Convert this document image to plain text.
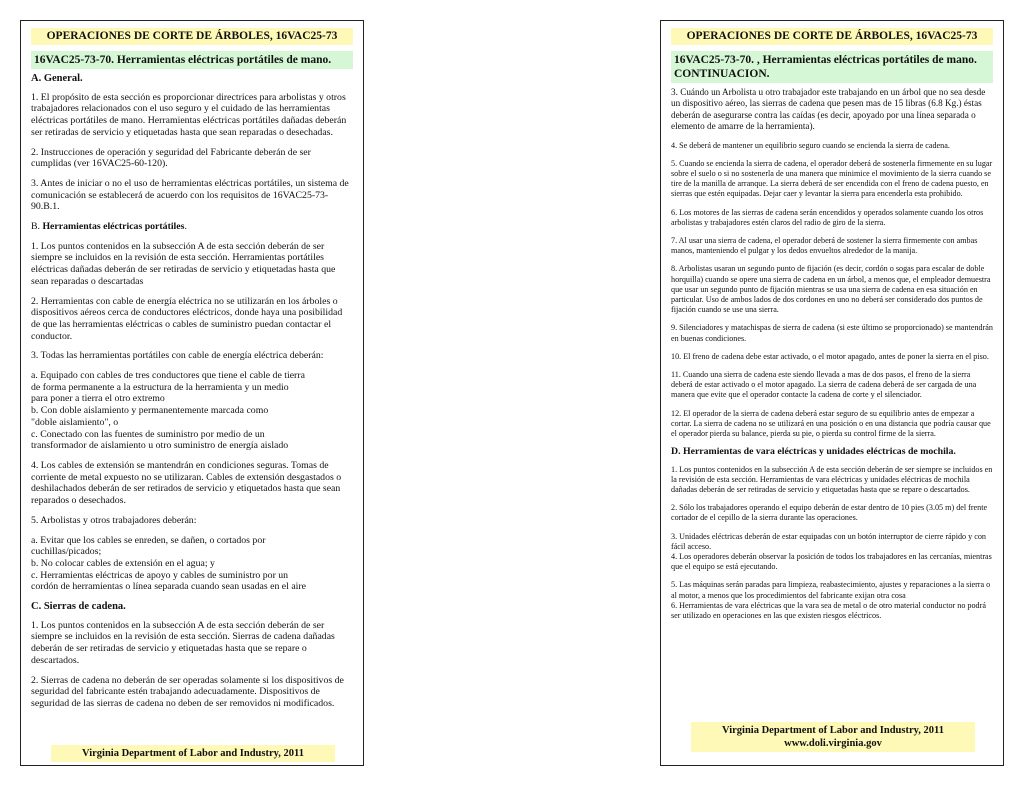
OPERACIONES DE CORTE DE ÁRBOLES, 16VAC25-73
16VAC25-73-70. Herramientas eléctricas portátiles de mano.

A. General.

1. El propósito de esta sección es proporcionar directrices para arbolistas y otros trabajadores relacionados con el uso seguro y el cuidado de las herramientas eléctricas portátiles de mano. Herramientas eléctricas portátiles dañadas deberán ser retiradas de servicio y etiquetadas hasta que sean reparadas o desechadas.

2. Instrucciones de operación y seguridad del Fabricante deberán de ser cumplidas (ver 16VAC25-60-120).

3. Antes de iniciar o no el uso de herramientas eléctricas portátiles, un sistema de comunicación se establecerá de acuerdo con los requisitos de 16VAC25-73-90.B.1.

B. Herramientas eléctricas portátiles.

1. Los puntos contenidos en la subsección A de esta sección deberán de ser siempre se incluidos en la revisión de esta sección. Herramientas portátiles eléctricas dañadas deberán de ser retiradas de servicio y etiquetadas hasta que sean reparadas o descartadas

2. Herramientas con cable de energía eléctrica no se utilizarán en los árboles o dispositivos aéreos cerca de conductores eléctricos, donde haya una posibilidad de que las herramientas eléctricas o cables de suministro puedan contactar el conductor.

3. Todas las herramientas portátiles con cable de energía eléctrica deberán:

a. Equipado con cables de tres conductores que tiene el cable de tierra
de forma permanente a la estructura de la herramienta y un medio
para poner a tierra el otro extremo
b. Con doble aislamiento y permanentemente marcada como
"doble aislamiento", o
c. Conectado con las fuentes de suministro por medio de un
transformador de aislamiento u otro suministro de energía aislado

4. Los cables de extensión se mantendrán en condiciones seguras. Tomas de corriente de metal expuesto no se utilizaran. Cables de extensión desgastados o deshilachados deberán de ser retirados de servicio y etiquetados hasta que sean reparados o desechados.

5. Arbolistas y otros trabajadores deberán:

a. Evitar que los cables se enreden, se dañen, o cortados por
cuchillas/picados;
b. No colocar cables de extensión en el agua; y
c. Herramientas eléctricas de apoyo y cables de suministro por un
cordón de herramientas o línea separada cuando sean usadas en el aire

C. Sierras de cadena.

1. Los puntos contenidos en la subsección A de esta sección deberán de ser siempre se incluidos en la revisión de esta sección. Sierras de cadena dañadas deberán de ser retiradas de servicio y etiquetadas hasta que se repare o descartados.

2. Sierras de cadena no deberán de ser operadas solamente si los dispositivos de seguridad del fabricante estén trabajando adecuadamente. Dispositivos de seguridad de las sierras de cadena no deben de ser removidos ni modificados.

Virginia Department of Labor and Industry, 2011
OPERACIONES DE CORTE DE ÁRBOLES, 16VAC25-73
16VAC25-73-70. , Herramientas eléctricas portátiles de mano.
CONTINUACION.

3. Cuándo un Arbolista u otro trabajador este trabajando en un árbol que no sea desde un dispositivo aéreo, las sierras de cadena que pesen mas de 15 libras (6.8 Kg.) éstas deberán de asegurarse contra las caídas (es decir, apoyado por una línea separada o elemento de amarre de la herramienta).

4. Se deberá de mantener un equilibrio seguro cuando se encienda la sierra de cadena.

5. Cuando se encienda la sierra de cadena, el operador deberá de sostenerla firmemente en su lugar sobre el suelo o si no sostenerla de una manera que minimice el movimiento de la sierra cuando se tire de la manilla de arranque. La sierra deberá de ser encendida con el freno de cadena puesto, en sierras que estén equipadas. Dejar caer y levantar la sierra para encenderla esta prohibido.

6. Los motores de las sierras de cadena serán encendidos y operados solamente cuando los otros arbolistas y trabajadores estén claros del radio de giro de la sierra.

7. Al usar una sierra de cadena, el operador deberá de sostener la sierra firmemente con ambas manos, manteniendo el pulgar y los dedos envueltos alrededor de la manija.

8. Arbolistas usaran un segundo punto de fijación (es decir, cordón o sogas para escalar de doble horquilla) cuando se opere una sierra de cadena en un árbol, a menos que, el empleador demuestra que usar un segundo punto de fijación mientras se usa una sierra de cadena en esa situación en particular. Uso de ambos lados de dos cordones en uno no deberá ser considerado dos puntos de fijación cuando se use una sierra.

9. Silenciadores y matachispas de sierra de cadena (si este último se proporcionado) se mantendrán en buenas condiciones.

10. El freno de cadena debe estar activado, o el motor apagado, antes de poner la sierra en el piso.

11. Cuando una sierra de cadena este siendo llevada a mas de dos pasos, el freno de la sierra deberá de estar activado o el motor apagado. La sierra de cadena deberá de ser cargada de una manera que evite que el operador contacte la cadena de corte y el silenciador.

12. El operador de la sierra de cadena deberá estar seguro de su equilibrio antes de empezar a cortar. La sierra de cadena no se utilizará en una posición o en una distancia que podría causar que el operador pierda su balance, pierda su pie, o pierda su control firme de la sierra.

D. Herramientas de vara eléctricas y unidades eléctricas de mochila.

1. Los puntos contenidos en la subsección A de esta sección deberán de ser siempre se incluidos en la revisión de esta sección. Herramientas de vara eléctricas y unidades eléctricas de mochila dañadas deberán de ser retiradas de servicio y etiquetadas hasta que se repare o descartados.

2. Sólo los trabajadores operando el equipo deberán de estar dentro de 10 pies (3.05 m) del frente cortador de el cepillo de la sierra durante las operaciones.

3. Unidades eléctricas deberán de estar equipadas con un botón interruptor de cierre rápido y con fácil acceso.
4. Los operadores deberán observar la posición de todos los trabajadores en las cercanías, mientras que el equipo se está ejecutando.

5. Las máquinas serán paradas para limpieza, reabastecimiento, ajustes y reparaciones a la sierra o al motor, a menos que los procedimientos del fabricante exijan otra cosa
6. Herramientas de vara eléctricas que la vara sea de metal o de otro material conductor no podrá ser utilizado en operaciones en las que existen riesgos eléctricos.

Virginia Department of Labor and Industry, 2011
www.doli.virginia.gov
